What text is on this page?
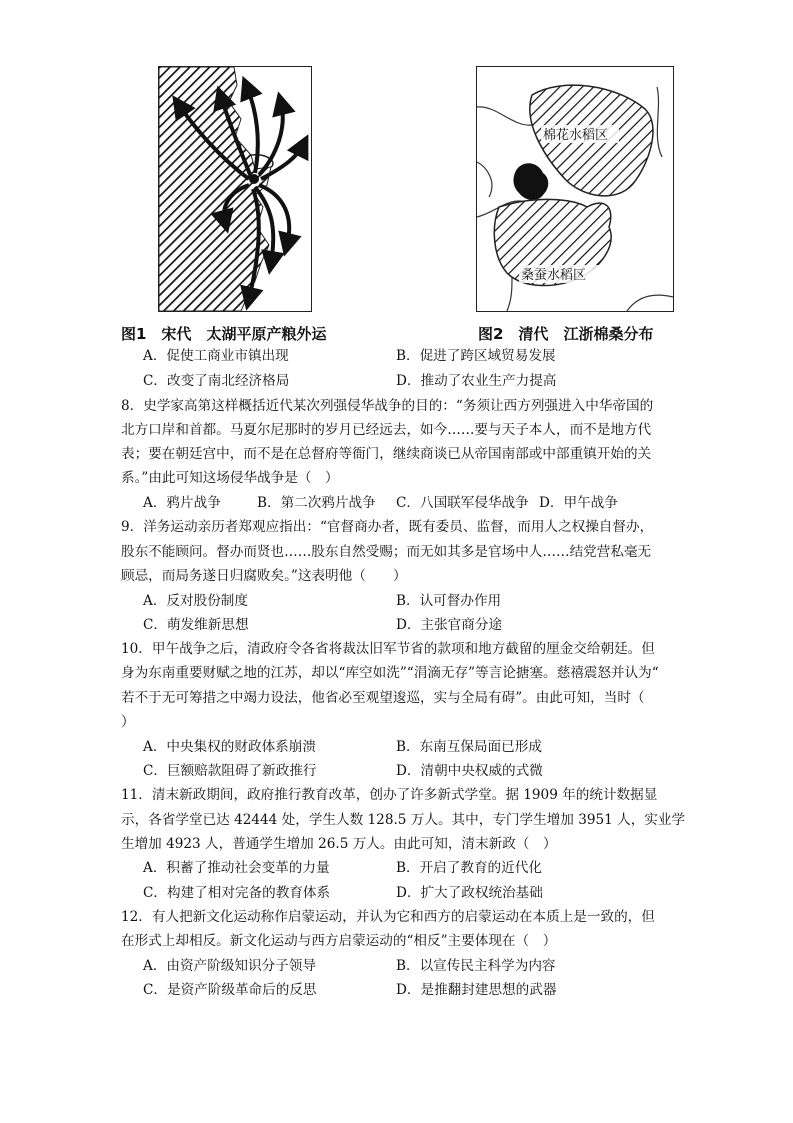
棉花水稻区
桑蚕水稻区
图1　宋代　太湖平原产粮外运	图2　清代　江浙棉桑分布
A．促使工商业市镇出现	B．促进了跨区域贸易发展
C．改变了南北经济格局	D．推动了农业生产力提高
8．史学家高第这样概括近代某次列强侵华战争的目的：“务须让西方列强进入中华帝国的
北方口岸和首都。马夏尔尼那时的岁月已经远去，如今……要与天子本人，而不是地方代
表；要在朝廷宫中，而不是在总督府等衙门，继续商谈已从帝国南部或中部重镇开始的关
系。”由此可知这场侵华战争是（　）
A．鸦片战争	B．第二次鸦片战争 C．八国联军侵华战争 D．甲午战争
9．洋务运动亲历者郑观应指出：“官督商办者，既有委员、监督，而用人之权操自督办，
股东不能顾问。督办而贤也……股东自然受赐；而无如其多是官场中人……结党营私毫无
顾忌，而局务遂日归腐败矣。”这表明他（　　）
A．反对股份制度	B．认可督办作用
C．萌发维新思想	D．主张官商分途
10．甲午战争之后，清政府令各省将裁汰旧军节省的款项和地方截留的厘金交给朝廷。但
身为东南重要财赋之地的江苏，却以“库空如洗”“涓滴无存”等言论搪塞。慈禧震怒并认为“
若不于无可筹措之中竭力设法，他省必至观望逡巡，实与全局有碍”。由此可知，当时（
）
A．中央集权的财政体系崩溃	B．东南互保局面已形成
C．巨额赔款阻碍了新政推行	D．清朝中央权威的式微
11．清末新政期间，政府推行教育改革，创办了许多新式学堂。据 1909 年的统计数据显
示，各省学堂已达 42444 处，学生人数 128.5 万人。其中，专门学生增加 3951 人，实业学
生增加 4923 人，普通学生增加 26.5 万人。由此可知，清末新政（　）
A．积蓄了推动社会变革的力量	B．开启了教育的近代化
C．构建了相对完备的教育体系	D．扩大了政权统治基础
12．有人把新文化运动称作启蒙运动，并认为它和西方的启蒙运动在本质上是一致的，但
在形式上却相反。新文化运动与西方启蒙运动的“相反”主要体现在（　）
A．由资产阶级知识分子领导	B．以宣传民主科学为内容
C．是资产阶级革命后的反思	D．是推翻封建思想的武器
